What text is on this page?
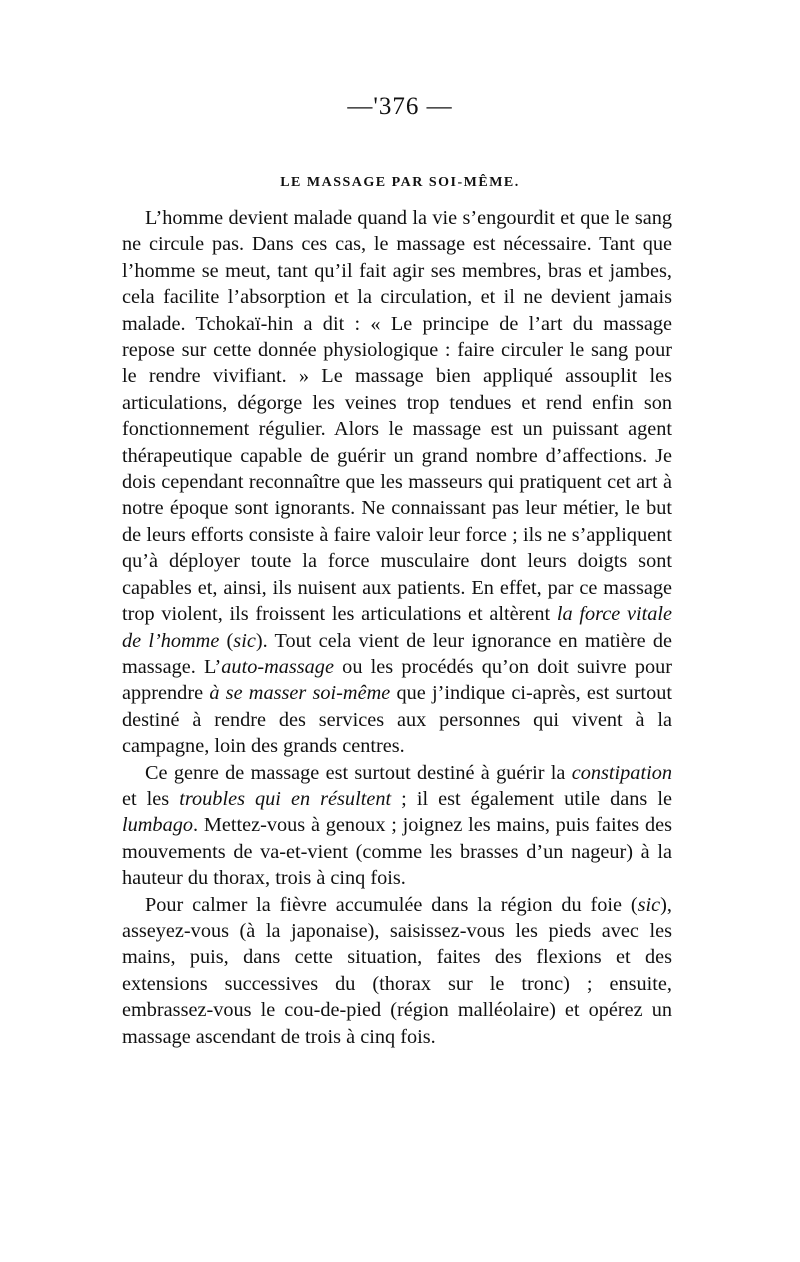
—'376 —
LE MASSAGE PAR SOI-MÊME.

L’homme devient malade quand la vie s’engourdit et que le sang ne circule pas. Dans ces cas, le massage est nécessaire. Tant que l’homme se meut, tant qu’il fait agir ses membres, bras et jambes, cela facilite l’absorption et la circulation, et il ne devient jamais malade. Tchokaï-hin a dit : « Le principe de l’art du massage repose sur cette donnée physiologique : faire circuler le sang pour le rendre vivifiant. » Le massage bien appliqué assouplit les articulations, dégorge les veines trop tendues et rend enfin son fonctionnement régulier. Alors le massage est un puissant agent thérapeutique capable de guérir un grand nombre d’affections. Je dois cependant reconnaître que les masseurs qui pratiquent cet art à notre époque sont ignorants. Ne connaissant pas leur métier, le but de leurs efforts consiste à faire valoir leur force ; ils ne s’appliquent qu’à déployer toute la force musculaire dont leurs doigts sont capables et, ainsi, ils nuisent aux patients. En effet, par ce massage trop violent, ils froissent les articulations et altèrent la force vitale de l’homme (sic). Tout cela vient de leur ignorance en matière de massage. L’auto-massage ou les procédés qu’on doit suivre pour apprendre à se masser soi-même que j’indique ci-après, est surtout destiné à rendre des services aux personnes qui vivent à la campagne, loin des grands centres.

Ce genre de massage est surtout destiné à guérir la constipation et les troubles qui en résultent ; il est également utile dans le lumbago. Mettez-vous à genoux ; joignez les mains, puis faites des mouvements de va-et-vient (comme les brasses d’un nageur) à la hauteur du thorax, trois à cinq fois.

Pour calmer la fièvre accumulée dans la région du foie (sic), asseyez-vous (à la japonaise), saisissez-vous les pieds avec les mains, puis, dans cette situation, faites des flexions et des extensions successives du (thorax sur le tronc) ; ensuite, embrassez-vous le cou-de-pied (région malléolaire) et opérez un massage ascendant de trois à cinq fois.
